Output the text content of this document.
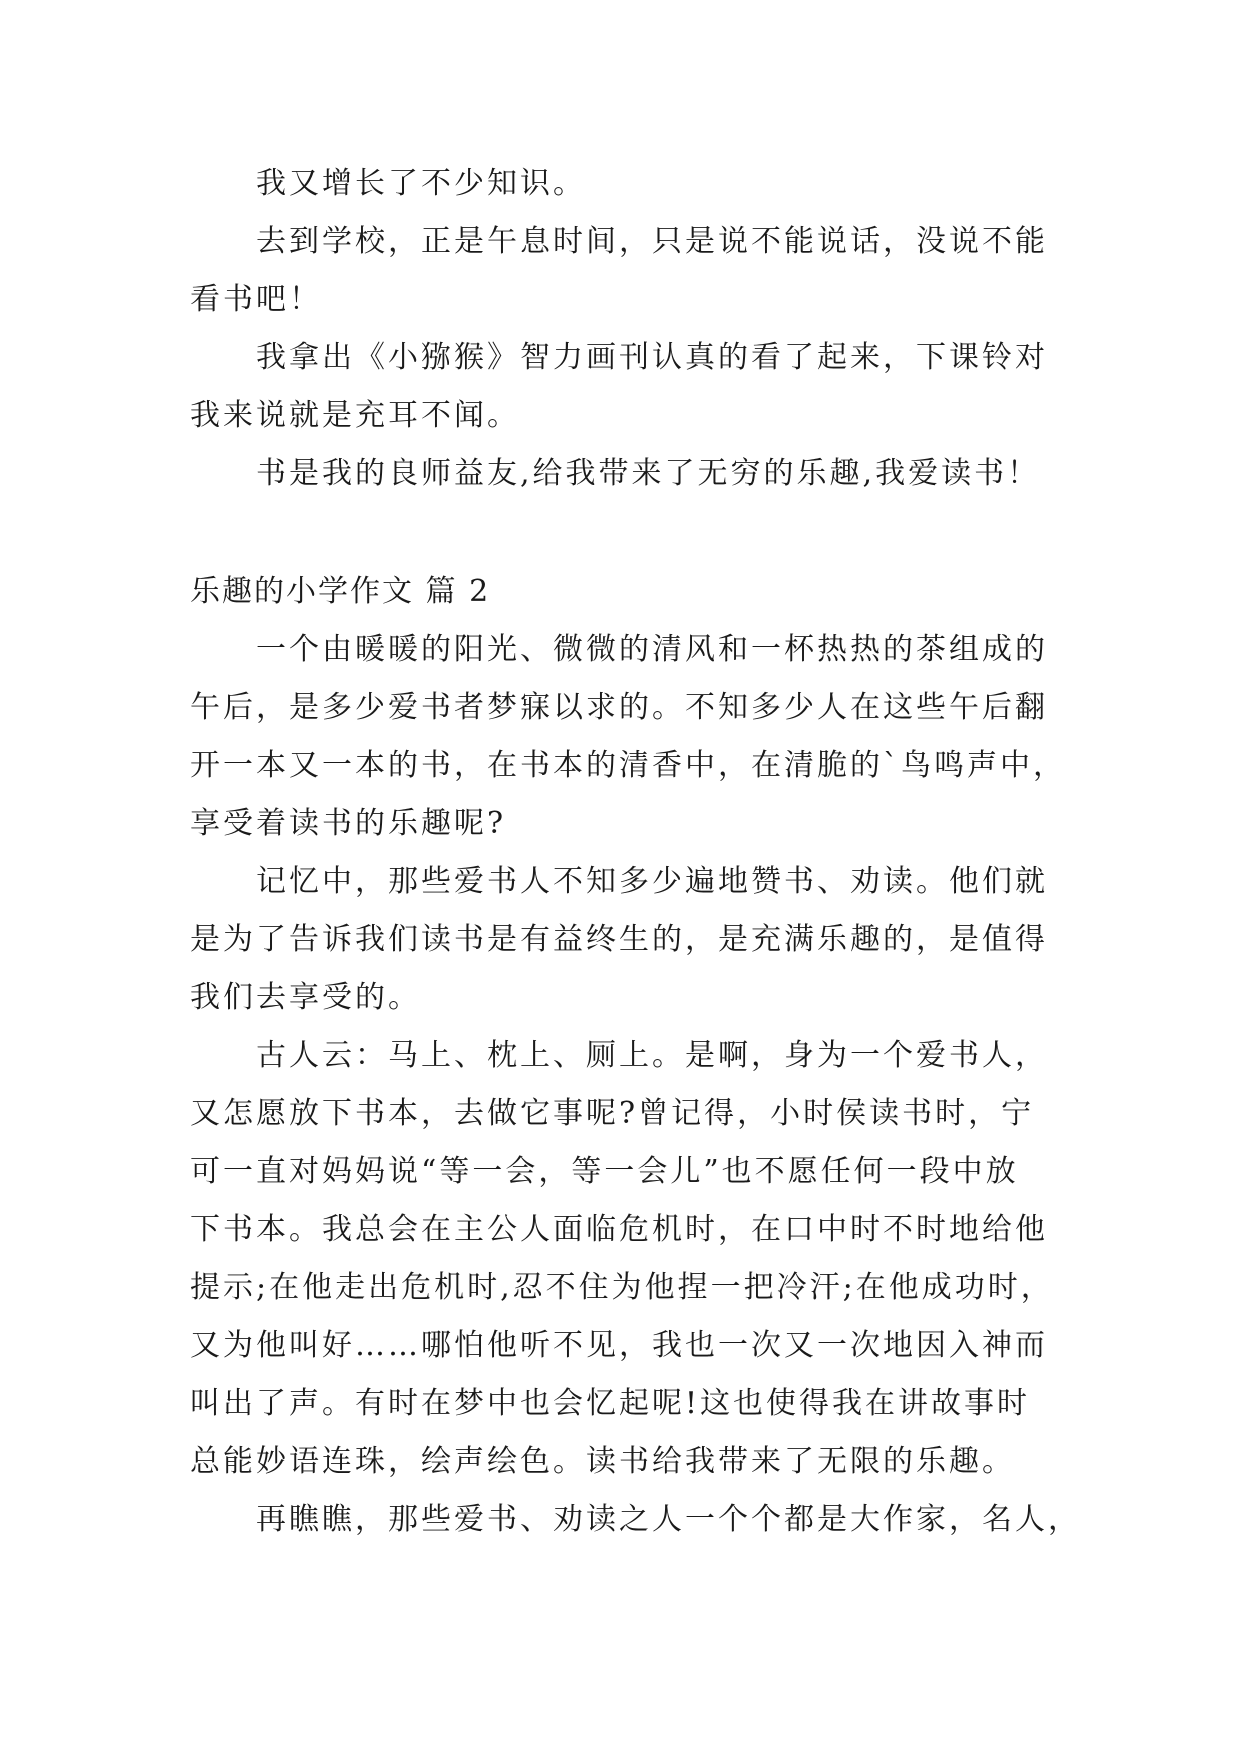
我又增长了不少知识。

去到学校，正是午息时间，只是说不能说话，没说不能

看书吧！

我拿出《小猕猴》智力画刊认真的看了起来，下课铃对

我来说就是充耳不闻。

书是我的良师益友,给我带来了无穷的乐趣,我爱读书！

乐趣的小学作文 篇 2

一个由暖暖的阳光、微微的清风和一杯热热的茶组成的

午后，是多少爱书者梦寐以求的。不知多少人在这些午后翻

开一本又一本的书，在书本的清香中，在清脆的`鸟鸣声中，

享受着读书的乐趣呢?

记忆中，那些爱书人不知多少遍地赞书、劝读。他们就

是为了告诉我们读书是有益终生的，是充满乐趣的，是值得

我们去享受的。

古人云：马上、枕上、厕上。是啊，身为一个爱书人，

又怎愿放下书本，去做它事呢?曾记得，小时侯读书时，宁

可一直对妈妈说“等一会，等一会儿”也不愿任何一段中放

下书本。我总会在主公人面临危机时，在口中时不时地给他

提示;在他走出危机时,忍不住为他捏一把冷汗;在他成功时，

又为他叫好……哪怕他听不见，我也一次又一次地因入神而

叫出了声。有时在梦中也会忆起呢!这也使得我在讲故事时

总能妙语连珠，绘声绘色。读书给我带来了无限的乐趣。

再瞧瞧，那些爱书、劝读之人一个个都是大作家，名人，
